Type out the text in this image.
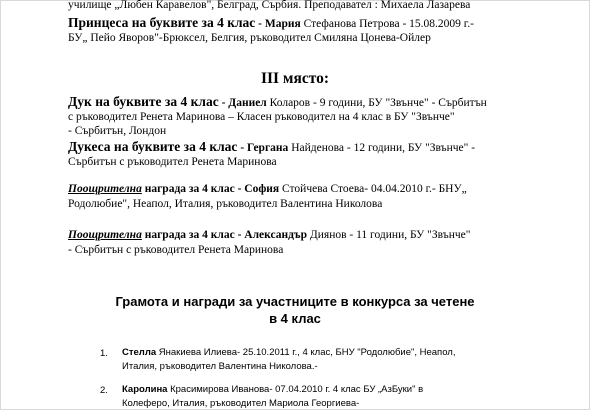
училище „Любен Каравелов", Белград, Сърбия. Преподавател : Михаела Лазарева
Принцеса на буквите за 4 клас - Мария Стефанова Петрова - 15.08.2009 г.-
БУ„ Пейо Яворов"-Брюксел, Белгия, ръководител Смиляна Цонева-Ойлер
III място:
Дук на буквите за 4 клас - Даниел Коларов - 9 години, БУ "Звънче" - Сърбитън
с ръководител Ренета Маринова – Класен ръководител на 4 клас в БУ "Звънче"
- Сърбитън, Лондон
Дукеса на буквите за 4 клас - Гергана Найденова - 12 години, БУ "Звънче" -
Сърбитън с ръководител Ренета Маринова
Поощрителна награда за 4 клас - София Стойчева Стоева- 04.04.2010 г.- БНУ„
Родолюбие", Неапол, Италия, ръководител Валентина Николова
Поощрителна награда за 4 клас - Александър Диянов - 11 години, БУ "Звънче"
- Сърбитън с ръководител Ренета Маринова
Грамота и награди за участниците в конкурса за четене
в 4 клас
1. Стелла Янакиева Илиева- 25.10.2011 г., 4 клас, БНУ "Родолюбие", Неапол,
Италия, ръководител Валентина Николова.-
2. Каролина Красимирова Иванова- 07.04.2010 г. 4 клас БУ „АзБуки" в
Колеферо, Италия, ръководител Мариола Георгиева-
